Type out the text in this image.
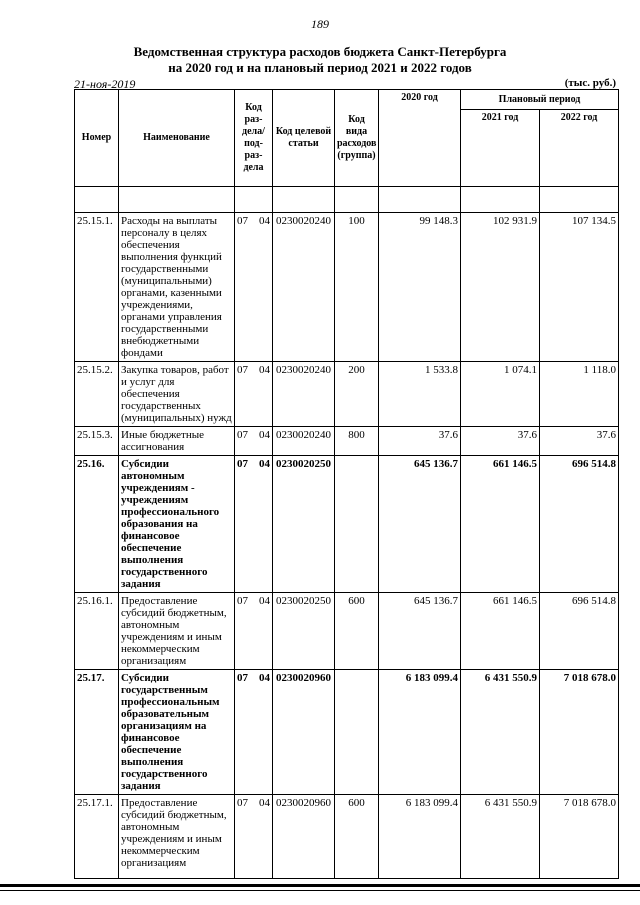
189
Ведомственная структура расходов бюджета Санкт-Петербурга
на 2020 год и на плановый период 2021 и 2022 годов
21-ноя-2019	(тыс. руб.)
Номер	Наименование	Код раз-дела/ под-раз-дела	Код целевой статьи	Код вида расходов (группа)	2020 год	Плановый период	
						2021 год	2022 год

25.15.1.	Расходы на выплаты персоналу в целях обеспечения выполнения функций государственными (муниципальными) органами, казенными учреждениями, органами управления государственными внебюджетными фондами	07 04	0230020240	100	99 148.3	102 931.9	107 134.5
25.15.2.	Закупка товаров, работ и услуг для обеспечения государственных (муниципальных) нужд	07 04	0230020240	200	1 533.8	1 074.1	1 118.0
25.15.3.	Иные бюджетные ассигнования	07 04	0230020240	800	37.6	37.6	37.6
25.16.	Субсидии автономным учреждениям - учреждениям профессионального образования на финансовое обеспечение выполнения государственного задания	07 04	0230020250		645 136.7	661 146.5	696 514.8
25.16.1.	Предоставление субсидий бюджетным, автономным учреждениям и иным некоммерческим организациям	07 04	0230020250	600	645 136.7	661 146.5	696 514.8
25.17.	Субсидии государственным профессиональным образовательным организациям на финансовое обеспечение выполнения государственного задания	07 04	0230020960		6 183 099.4	6 431 550.9	7 018 678.0
25.17.1.	Предоставление субсидий бюджетным, автономным учреждениям и иным некоммерческим организациям	07 04	0230020960	600	6 183 099.4	6 431 550.9	7 018 678.0
